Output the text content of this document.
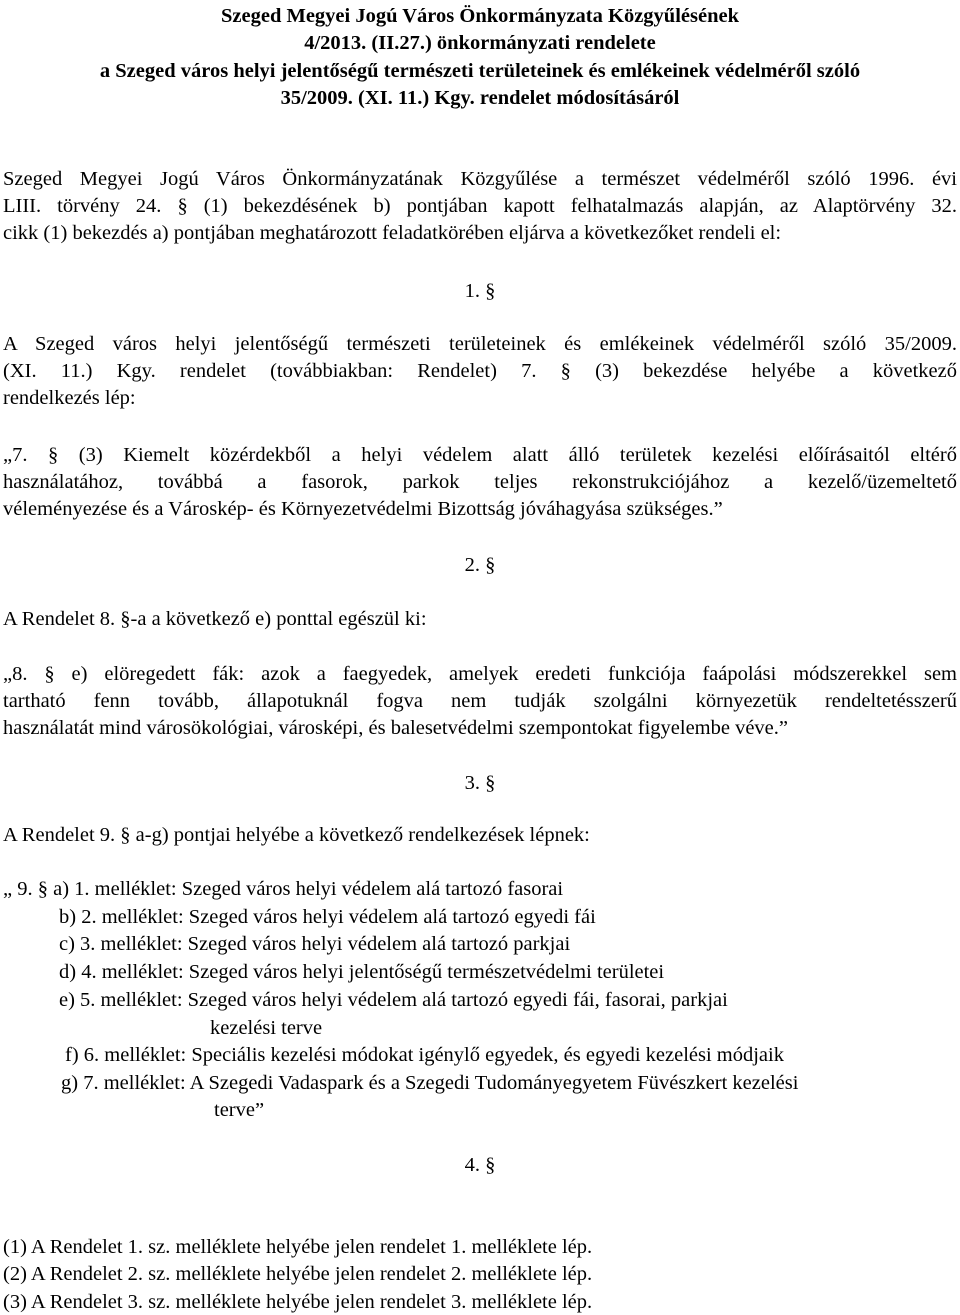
Szeged Megyei Jogú Város Önkormányzata Közgyűlésének
4/2013. (II.27.) önkormányzati rendelete
a Szeged város helyi jelentőségű természeti területeinek és emlékeinek védelméről szóló
35/2009. (XI. 11.) Kgy. rendelet módosításáról
Szeged Megyei Jogú Város Önkormányzatának Közgyűlése a természet védelméről szóló 1996. évi
LIII. törvény 24. § (1) bekezdésének b) pontjában kapott felhatalmazás alapján, az Alaptörvény 32.
cikk (1) bekezdés a) pontjában meghatározott feladatkörében eljárva a következőket rendeli el:
1. §
A Szeged város helyi jelentőségű természeti területeinek és emlékeinek védelméről szóló 35/2009.
(XI. 11.) Kgy. rendelet (továbbiakban: Rendelet) 7. § (3) bekezdése helyébe a következő
rendelkezés lép:
„7. § (3) Kiemelt közérdekből a helyi védelem alatt álló területek kezelési előírásaitól eltérő
használatához, továbbá a fasorok, parkok teljes rekonstrukciójához a kezelő/üzemeltető
véleményezése és a Városkép- és Környezetvédelmi Bizottság jóváhagyása szükséges.”
2. §
A Rendelet 8. §-a a következő e) ponttal egészül ki:
„8. § e) elöregedett fák: azok a faegyedek, amelyek eredeti funkciója faápolási módszerekkel sem
tartható fenn tovább, állapotuknál fogva nem tudják szolgálni környezetük rendeltetésszerű
használatát mind városökológiai, városképi, és balesetvédelmi szempontokat figyelembe véve.”
3. §
A Rendelet 9. § a-g) pontjai helyébe a következő rendelkezések lépnek:
„ 9. § a) 1. melléklet: Szeged város helyi védelem alá tartozó fasorai
b) 2. melléklet: Szeged város helyi védelem alá tartozó egyedi fái
c) 3. melléklet: Szeged város helyi védelem alá tartozó parkjai
d) 4. melléklet: Szeged város helyi jelentőségű természetvédelmi területei
e) 5. melléklet: Szeged város helyi védelem alá tartozó egyedi fái, fasorai, parkjai
kezelési terve
f) 6. melléklet: Speciális kezelési módokat igénylő egyedek, és egyedi kezelési módjaik
g) 7. melléklet: A Szegedi Vadaspark és a Szegedi Tudományegyetem Füvészkert kezelési
terve”
4. §
(1) A Rendelet 1. sz. melléklete helyébe jelen rendelet 1. melléklete lép.
(2) A Rendelet 2. sz. melléklete helyébe jelen rendelet 2. melléklete lép.
(3) A Rendelet 3. sz. melléklete helyébe jelen rendelet 3. melléklete lép.
